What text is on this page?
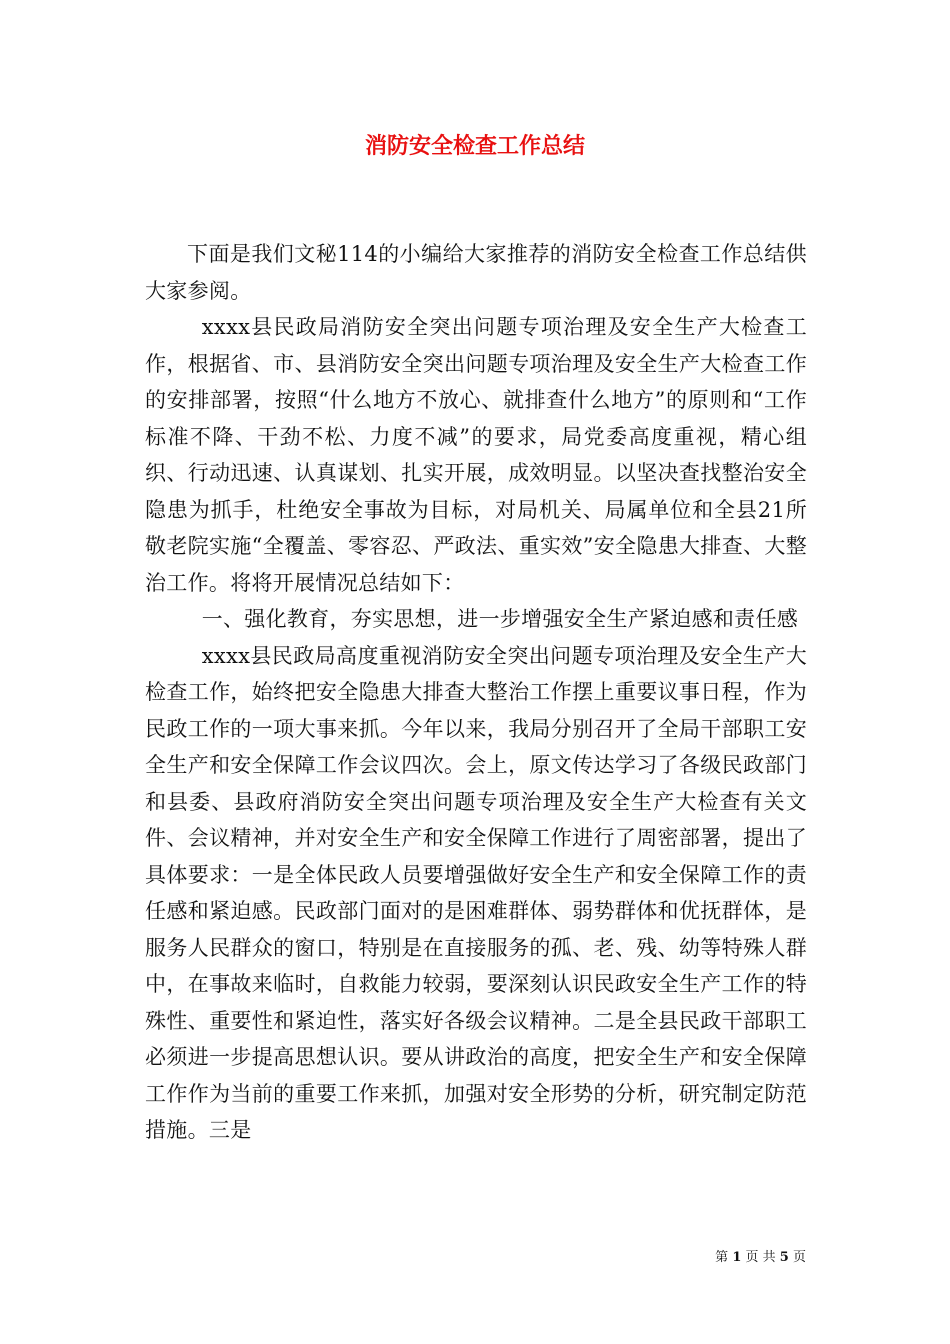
消防安全检查工作总结

下面是我们文秘114的小编给大家推荐的消防安全检查工作总结供大家参阅。

xxxx县民政局消防安全突出问题专项治理及安全生产大检查工作，根据省、市、县消防安全突出问题专项治理及安全生产大检查工作的安排部署，按照“什么地方不放心、就排查什么地方”的原则和“工作标准不降、干劲不松、力度不减”的要求，局党委高度重视，精心组织、行动迅速、认真谋划、扎实开展，成效明显。以坚决查找整治安全隐患为抓手，杜绝安全事故为目标，对局机关、局属单位和全县21所敬老院实施“全覆盖、零容忍、严政法、重实效”安全隐患大排查、大整治工作。将将开展情况总结如下：

一、强化教育，夯实思想，进一步增强安全生产紧迫感和责任感

xxxx县民政局高度重视消防安全突出问题专项治理及安全生产大检查工作，始终把安全隐患大排查大整治工作摆上重要议事日程，作为民政工作的一项大事来抓。今年以来，我局分别召开了全局干部职工安全生产和安全保障工作会议四次。会上，原文传达学习了各级民政部门和县委、县政府消防安全突出问题专项治理及安全生产大检查有关文件、会议精神，并对安全生产和安全保障工作进行了周密部署，提出了具体要求：一是全体民政人员要增强做好安全生产和安全保障工作的责任感和紧迫感。民政部门面对的是困难群体、弱势群体和优抚群体，是服务人民群众的窗口，特别是在直接服务的孤、老、残、幼等特殊人群中，在事故来临时，自救能力较弱，要深刻认识民政安全生产工作的特殊性、重要性和紧迫性，落实好各级会议精神。二是全县民政干部职工必须进一步提高思想认识。要从讲政治的高度，把安全生产和安全保障工作作为当前的重要工作来抓，加强对安全形势的分析，研究制定防范措施。三是

第 1 页 共 5 页
